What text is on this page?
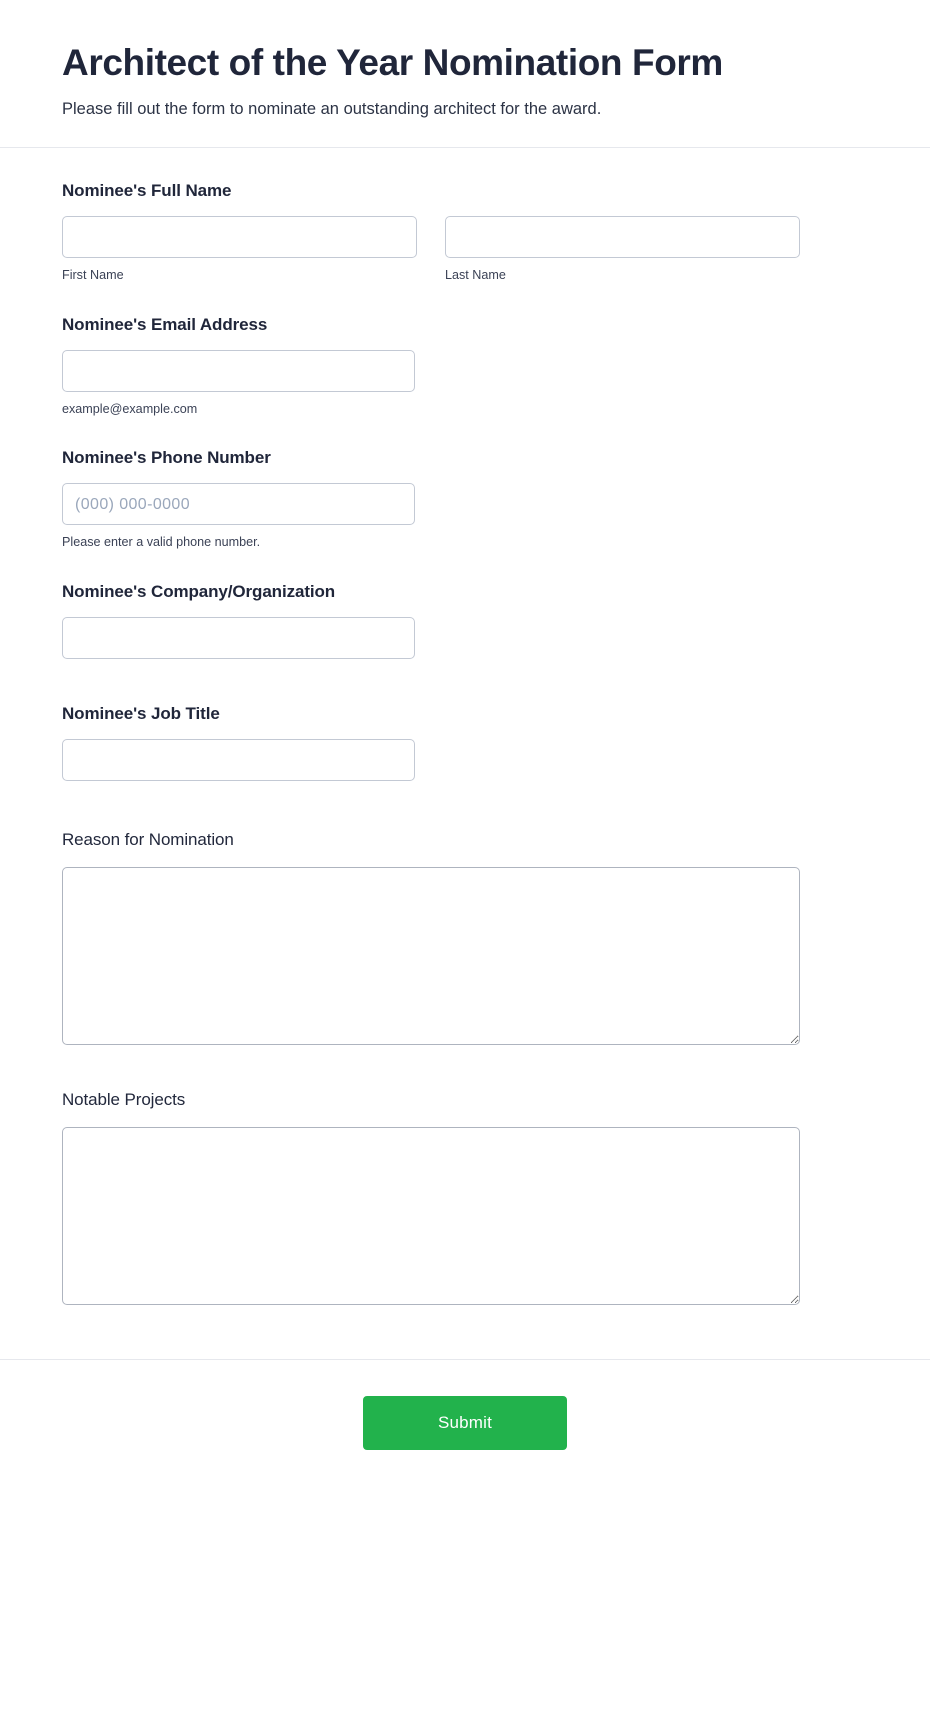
Architect of the Year Nomination Form

Please fill out the form to nominate an outstanding architect for the award.

Nominee's Full Name
First Name	Last Name
Nominee's Email Address
example@example.com
Nominee's Phone Number
(000) 000-0000
Please enter a valid phone number.
Nominee's Company/Organization
Nominee's Job Title
Reason for Nomination
Notable Projects
Submit
